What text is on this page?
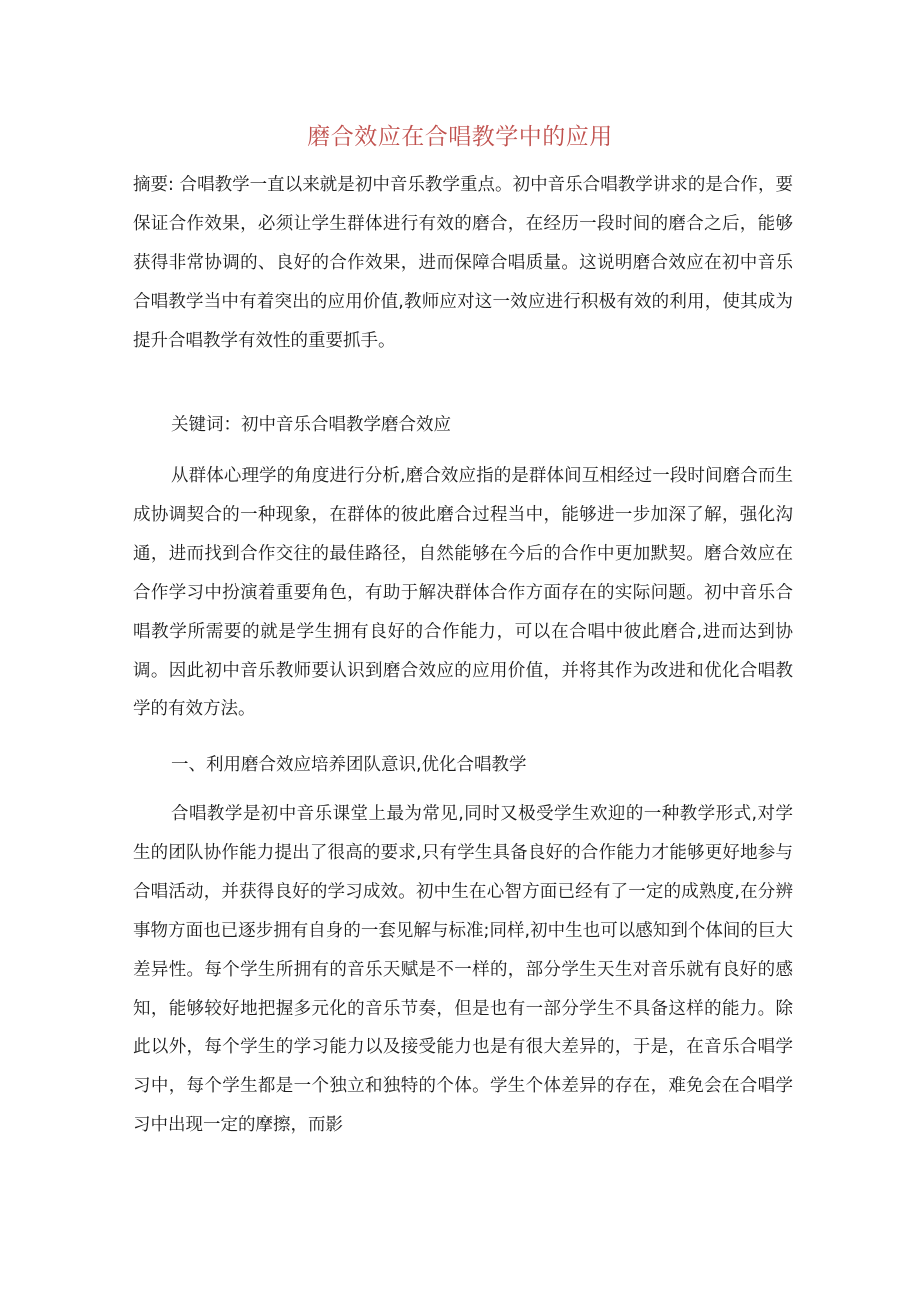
磨合效应在合唱教学中的应用

摘要: 合唱教学一直以来就是初中音乐教学重点。初中音乐合唱教学讲求的是合作，要保证合作效果，必须让学生群体进行有效的磨合，在经历一段时间的磨合之后，能够获得非常协调的、良好的合作效果，进而保障合唱质量。这说明磨合效应在初中音乐合唱教学当中有着突出的应用价值,教师应对这一效应进行积极有效的利用，使其成为提升合唱教学有效性的重要抓手。

关键词：初中音乐合唱教学磨合效应

从群体心理学的角度进行分析,磨合效应指的是群体间互相经过一段时间磨合而生成协调契合的一种现象，在群体的彼此磨合过程当中，能够进一步加深了解，强化沟通，进而找到合作交往的最佳路径，自然能够在今后的合作中更加默契。磨合效应在合作学习中扮演着重要角色，有助于解决群体合作方面存在的实际问题。初中音乐合唱教学所需要的就是学生拥有良好的合作能力，可以在合唱中彼此磨合,进而达到协调。因此初中音乐教师要认识到磨合效应的应用价值，并将其作为改进和优化合唱教学的有效方法。

一、利用磨合效应培养团队意识,优化合唱教学

合唱教学是初中音乐课堂上最为常见,同时又极受学生欢迎的一种教学形式,对学生的团队协作能力提出了很高的要求,只有学生具备良好的合作能力才能够更好地参与合唱活动，并获得良好的学习成效。初中生在心智方面已经有了一定的成熟度,在分辨事物方面也已逐步拥有自身的一套见解与标准;同样,初中生也可以感知到个体间的巨大差异性。每个学生所拥有的音乐天赋是不一样的，部分学生天生对音乐就有良好的感知，能够较好地把握多元化的音乐节奏，但是也有一部分学生不具备这样的能力。除此以外，每个学生的学习能力以及接受能力也是有很大差异的，于是，在音乐合唱学习中，每个学生都是一个独立和独特的个体。学生个体差异的存在，难免会在合唱学习中出现一定的摩擦，而影
